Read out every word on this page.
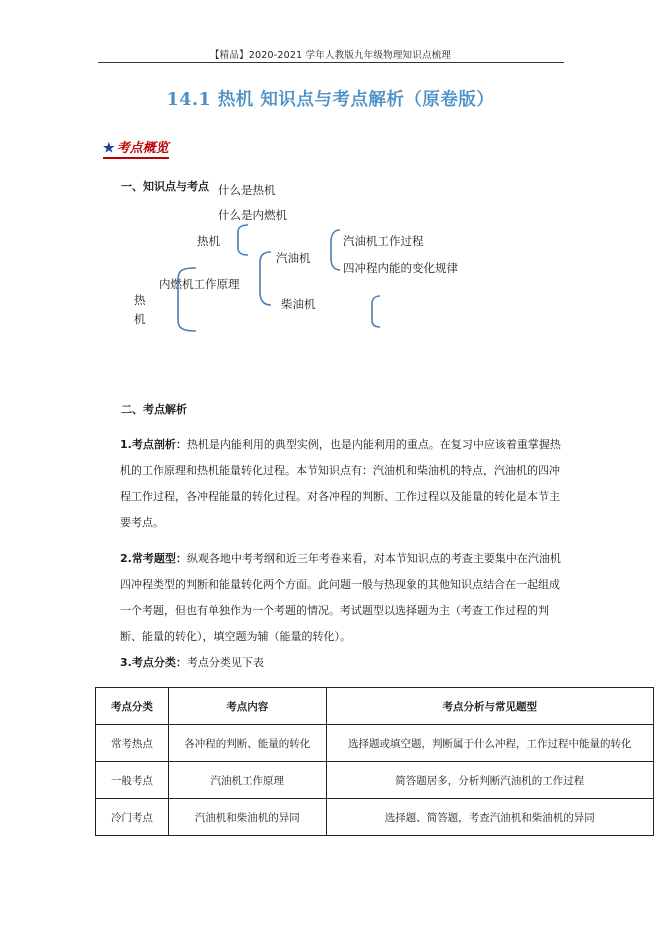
【精品】2020-2021 学年人教版九年级物理知识点梳理
14.1 热机 知识点与考点解析（原卷版）
★ 考点概览
一、知识点与考点 什么是热机
什么是内燃机
热机
汽油机
汽油机工作过程
四冲程内能的变化规律
内燃机工作原理
柴油机
热
机
二、考点解析
1.考点剖析：热机是内能利用的典型实例，也是内能利用的重点。在复习中应该着重掌握热机的工作原理和热机能量转化过程。本节知识点有：汽油机和柴油机的特点，汽油机的四冲程工作过程，各冲程能量的转化过程。对各冲程的判断、工作过程以及能量的转化是本节主要考点。
2.常考题型：纵观各地中考考纲和近三年考卷来看，对本节知识点的考查主要集中在汽油机四冲程类型的判断和能量转化两个方面。此问题一般与热现象的其他知识点结合在一起组成一个考题，但也有单独作为一个考题的情况。考试题型以选择题为主（考查工作过程的判断、能量的转化），填空题为辅（能量的转化）。
3.考点分类：考点分类见下表
考点分类	考点内容	考点分析与常见题型
常考热点	各冲程的判断、能量的转化	选择题或填空题，判断属于什么冲程，工作过程中能量的转化
一般考点	汽油机工作原理	简答题居多，分析判断汽油机的工作过程
冷门考点	汽油机和柴油机的异同	选择题、简答题，考查汽油机和柴油机的异同
